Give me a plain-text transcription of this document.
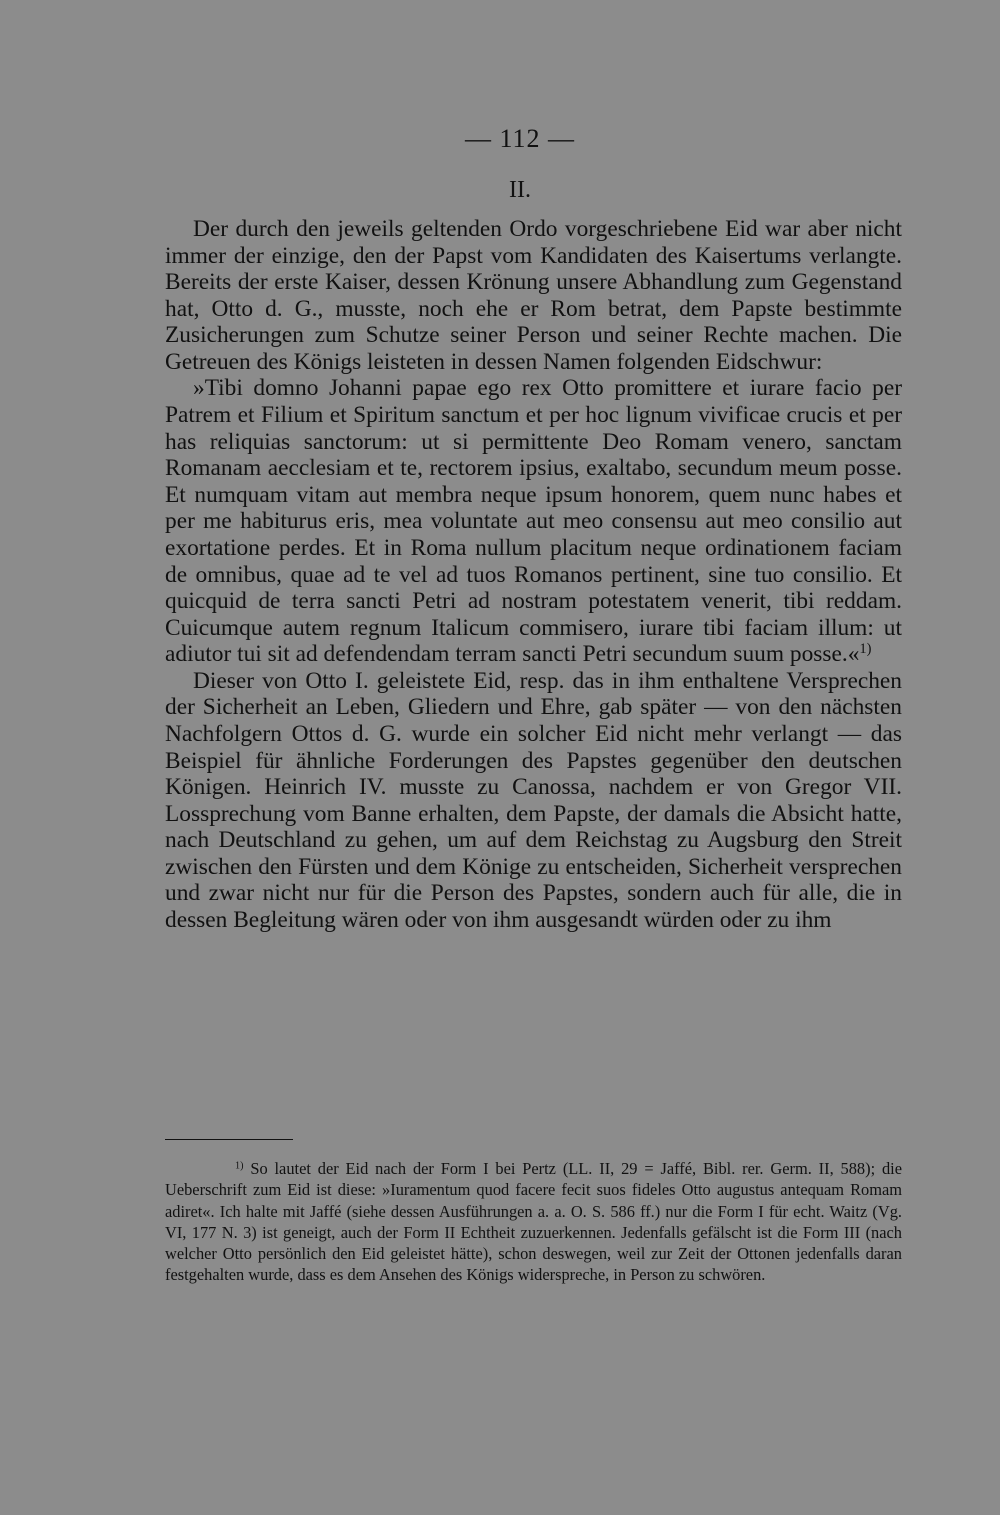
— 112 —
II.

Der durch den jeweils geltenden Ordo vorgeschriebene Eid war aber nicht immer der einzige, den der Papst vom Kandidaten des Kaisertums verlangte. Bereits der erste Kaiser, dessen Krönung unsere Abhandlung zum Gegenstand hat, Otto d. G., musste, noch ehe er Rom betrat, dem Papste bestimmte Zusicherungen zum Schutze seiner Person und seiner Rechte machen. Die Getreuen des Königs leisteten in dessen Namen folgenden Eidschwur:

»Tibi domno Johanni papae ego rex Otto promittere et iurare facio per Patrem et Filium et Spiritum sanctum et per hoc lignum vivificae crucis et per has reliquias sanctorum: ut si permittente Deo Romam venero, sanctam Romanam aecclesiam et te, rectorem ipsius, exaltabo, secundum meum posse. Et numquam vitam aut membra neque ipsum honorem, quem nunc habes et per me habiturus eris, mea voluntate aut meo consensu aut meo consilio aut exortatione perdes. Et in Roma nullum placitum neque ordinationem faciam de omnibus, quae ad te vel ad tuos Romanos pertinent, sine tuo consilio. Et quicquid de terra sancti Petri ad nostram potestatem venerit, tibi reddam. Cuicumque autem regnum Italicum commisero, iurare tibi faciam illum: ut adiutor tui sit ad defendendam terram sancti Petri secundum suum posse.«$^{1)}$

Dieser von Otto I. geleistete Eid, resp. das in ihm enthaltene Versprechen der Sicherheit an Leben, Gliedern und Ehre, gab später — von den nächsten Nachfolgern Ottos d. G. wurde ein solcher Eid nicht mehr verlangt — das Beispiel für ähnliche Forderungen des Papstes gegenüber den deutschen Königen. Heinrich IV. musste zu Canossa, nachdem er von Gregor VII. Lossprechung vom Banne erhalten, dem Papste, der damals die Absicht hatte, nach Deutschland zu gehen, um auf dem Reichstag zu Augsburg den Streit zwischen den Fürsten und dem Könige zu entscheiden, Sicherheit versprechen und zwar nicht nur für die Person des Papstes, sondern auch für alle, die in dessen Begleitung wären oder von ihm ausgesandt würden oder zu ihm

$^{1)}$ So lautet der Eid nach der Form I bei Pertz (LL. II, 29 = Jaffé, Bibl. rer. Germ. II, 588); die Ueberschrift zum Eid ist diese: »Iuramentum quod facere fecit suos fideles Otto augustus antequam Romam adiret«. Ich halte mit Jaffé (siehe dessen Ausführungen a. a. O. S. 586 ff.) nur die Form I für echt. Waitz (Vg. VI, 177 N. 3) ist geneigt, auch der Form II Echtheit zuzuerkennen. Jedenfalls gefälscht ist die Form III (nach welcher Otto persönlich den Eid geleistet hätte), schon deswegen, weil zur Zeit der Ottonen jedenfalls daran festgehalten wurde, dass es dem Ansehen des Königs widerspreche, in Person zu schwören.
